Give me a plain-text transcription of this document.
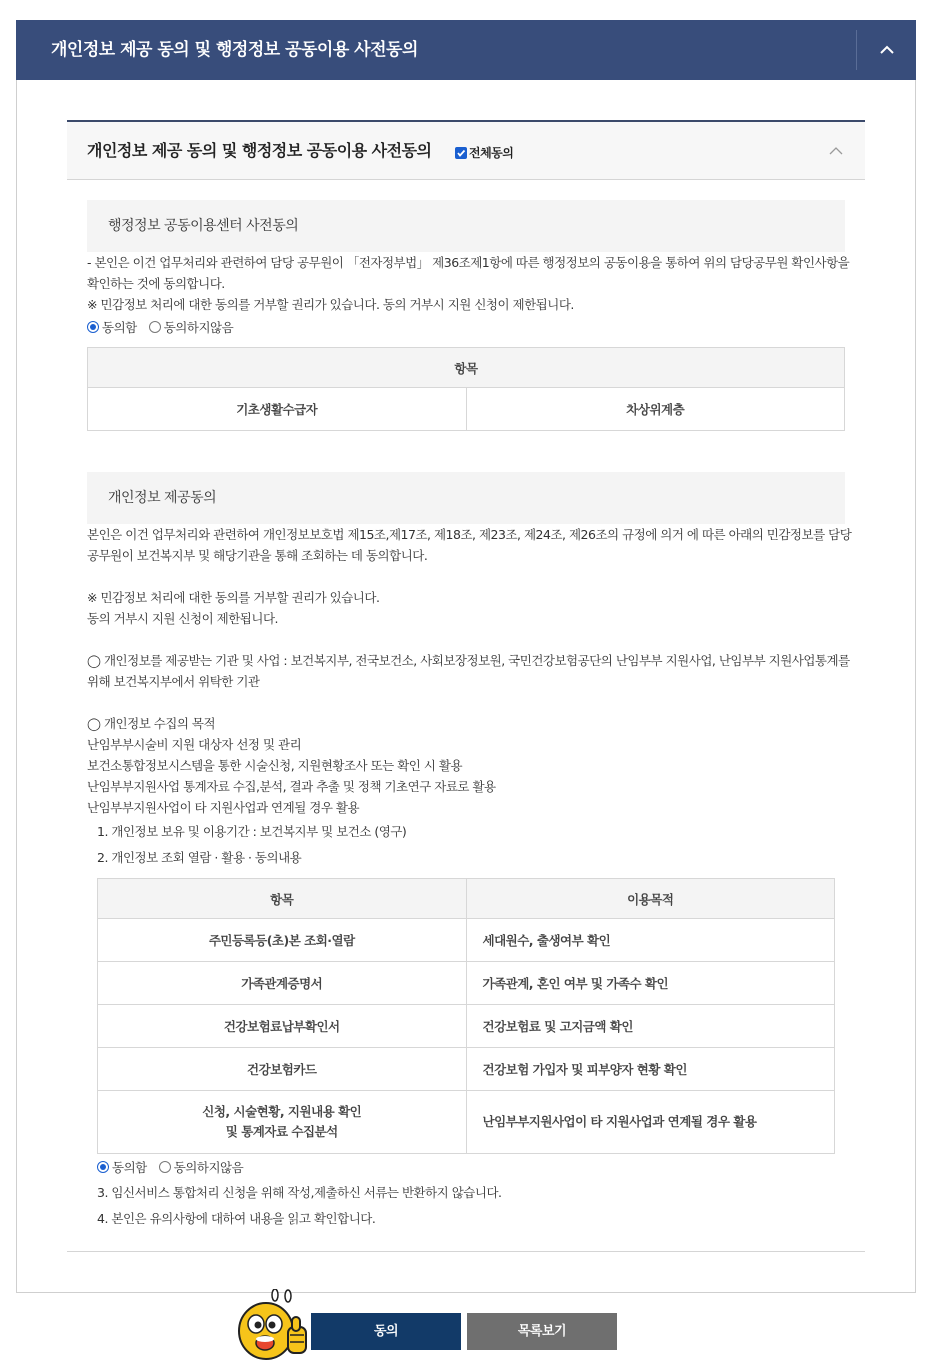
개인정보 제공 동의 및 행정정보 공동이용 사전동의
개인정보 제공 동의 및 행정정보 공동이용 사전동의	전체동의
행정정보 공동이용센터 사전동의
- 본인은 이건 업무처리와 관련하여 담당 공무원이 「전자정부법」 제36조제1항에 따른 행정정보의 공동이용을 통하여 위의 담당공무원 확인사항을
확인하는 것에 동의합니다.
※ 민감정보 처리에 대한 동의를 거부할 권리가 있습니다. 동의 거부시 지원 신청이 제한됩니다.
동의함 동의하지않음
항목
기초생활수급자	차상위계층
개인정보 제공동의
본인은 이건 업무처리와 관련하여 개인정보보호법 제15조,제17조, 제18조, 제23조, 제24조, 제26조의 규정에 의거 에 따른 아래의 민감정보를 담당
공무원이 보건복지부 및 해당기관을 통해 조회하는 데 동의합니다.
※ 민감정보 처리에 대한 동의를 거부할 권리가 있습니다.
동의 거부시 지원 신청이 제한됩니다.
◯ 개인정보를 제공받는 기관 및 사업 : 보건복지부, 전국보건소, 사회보장정보원, 국민건강보험공단의 난임부부 지원사업, 난임부부 지원사업통계를
위해 보건복지부에서 위탁한 기관
◯ 개인정보 수집의 목적
난임부부시술비 지원 대상자 선정 및 관리
보건소통합정보시스템을 통한 시술신청, 지원현황조사 또는 확인 시 활용
난임부부지원사업 통계자료 수집,분석, 결과 추출 및 정책 기초연구 자료로 활용
난임부부지원사업이 타 지원사업과 연계될 경우 활용
1. 개인정보 보유 및 이용기간 : 보건복지부 및 보건소 (영구)
2. 개인정보 조회 열람 · 활용 · 동의내용
항목	이용목적
주민등록등(초)본 조회·열람	세대원수, 출생여부 확인
가족관계증명서	가족관계, 혼인 여부 및 가족수 확인
건강보험료납부확인서	건강보험료 및 고지금액 확인
건강보험카드	건강보험 가입자 및 피부양자 현황 확인

신청, 시술현황, 지원내용 확인
및 통계자료 수집분석	난임부부지원사업이 타 지원사업과 연계될 경우 활용
동의함 동의하지않음
3. 임신서비스 통합처리 신청을 위해 작성,제출하신 서류는 반환하지 않습니다.
4. 본인은 유의사항에 대하여 내용을 읽고 확인합니다.
동의	목록보기
